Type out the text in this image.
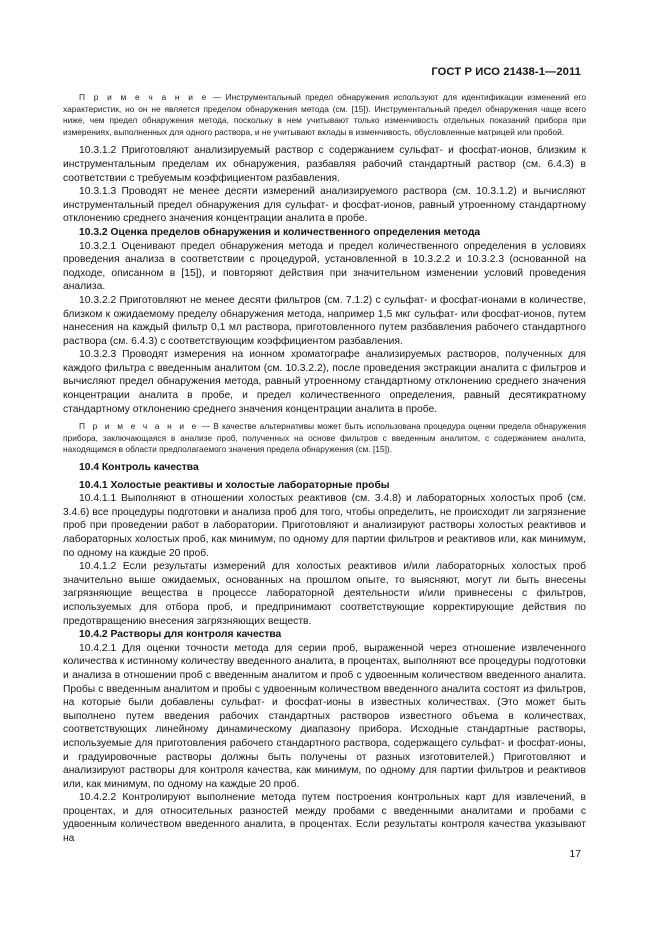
ГОСТ Р ИСО 21438-1—2011

П р и м е ч а н и е — Инструментальный предел обнаружения используют для идентификации изменений его характеристик, но он не является пределом обнаружения метода (см. [15]). Инструментальный предел обнаружения чаще всего ниже, чем предел обнаружения метода, поскольку в нем учитывают только изменчивость отдельных показаний прибора при измерениях, выполненных для одного раствора, и не учитывают вклады в изменчивость, обусловленные матрицей или пробой.

10.3.1.2 Приготовляют анализируемый раствор с содержанием сульфат- и фосфат-ионов, близким к инструментальным пределам их обнаружения, разбавляя рабочий стандартный раствор (см. 6.4.3) в соответствии с требуемым коэффициентом разбавления.

10.3.1.3 Проводят не менее десяти измерений анализируемого раствора (см. 10.3.1.2) и вычисляют инструментальный предел обнаружения для сульфат- и фосфат-ионов, равный утроенному стандартному отклонению среднего значения концентрации аналита в пробе.

10.3.2 Оценка пределов обнаружения и количественного определения метода

10.3.2.1 Оценивают предел обнаружения метода и предел количественного определения в условиях проведения анализа в соответствии с процедурой, установленной в 10.3.2.2 и 10.3.2.3 (основанной на подходе, описанном в [15]), и повторяют действия при значительном изменении условий проведения анализа.

10.3.2.2 Приготовляют не менее десяти фильтров (см. 7.1.2) с сульфат- и фосфат-ионами в количестве, близком к ожидаемому пределу обнаружения метода, например 1,5 мкг сульфат- или фосфат-ионов, путем нанесения на каждый фильтр 0,1 мл раствора, приготовленного путем разбавления рабочего стандартного раствора (см. 6.4.3) с соответствующим коэффициентом разбавления.

10.3.2.3 Проводят измерения на ионном хроматографе анализируемых растворов, полученных для каждого фильтра с введенным аналитом (см. 10.3.2.2), после проведения экстракции аналита с фильтров и вычисляют предел обнаружения метода, равный утроенному стандартному отклонению среднего значения концентрации аналита в пробе, и предел количественного определения, равный десятикратному стандартному отклонению среднего значения концентрации аналита в пробе.

П р и м е ч а н и е — В качестве альтернативы может быть использована процедура оценки предела обнаружения прибора, заключающаяся в анализе проб, полученных на основе фильтров с введенным аналитом, с содержанием аналита, находящимся в области предполагаемого значения предела обнаружения (см. [15]).

10.4 Контроль качества

10.4.1 Холостые реактивы и холостые лабораторные пробы

10.4.1.1 Выполняют в отношении холостых реактивов (см. 3.4.8) и лабораторных холостых проб (см. 3.4.6) все процедуры подготовки и анализа проб для того, чтобы определить, не происходит ли загрязнение проб при проведении работ в лаборатории. Приготовляют и анализируют растворы холостых реактивов и лабораторных холостых проб, как минимум, по одному для партии фильтров и реактивов или, как минимум, по одному на каждые 20 проб.

10.4.1.2 Если результаты измерений для холостых реактивов и/или лабораторных холостых проб значительно выше ожидаемых, основанных на прошлом опыте, то выясняют, могут ли быть внесены загрязняющие вещества в процессе лабораторной деятельности и/или привнесены с фильтров, используемых для отбора проб, и предпринимают соответствующие корректирующие действия по предотвращению внесения загрязняющих веществ.

10.4.2 Растворы для контроля качества

10.4.2.1 Для оценки точности метода для серии проб, выраженной через отношение извлеченного количества к истинному количеству введенного аналита, в процентах, выполняют все процедуры подготовки и анализа в отношении проб с введенным аналитом и проб с удвоенным количеством введенного аналита. Пробы с введенным аналитом и пробы с удвоенным количеством введенного аналита состоят из фильтров, на которые были добавлены сульфат- и фосфат-ионы в известных количествах. (Это может быть выполнено путем введения рабочих стандартных растворов известного объема в количествах, соответствующих линейному динамическому диапазону прибора. Исходные стандартные растворы, используемые для приготовления рабочего стандартного раствора, содержащего сульфат- и фосфат-ионы, и градуировочные растворы должны быть получены от разных изготовителей.) Приготовляют и анализируют растворы для контроля качества, как минимум, по одному для партии фильтров и реактивов или, как минимум, по одному на каждые 20 проб.

10.4.2.2 Контролируют выполнение метода путем построения контрольных карт для извлечений, в процентах, и для относительных разностей между пробами с введенными аналитами и пробами с удвоенным количеством введенного аналита, в процентах. Если результаты контроля качества указывают на

17
